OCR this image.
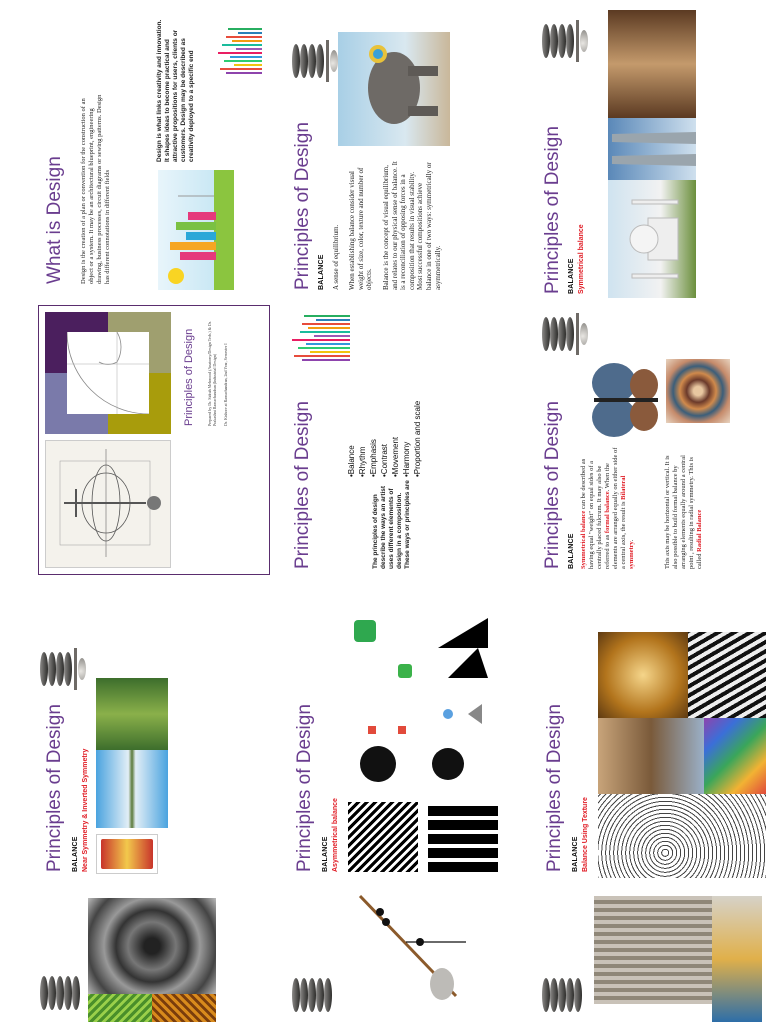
Principles of Design	Prepared by Dr. Sidrah Mehmood (Anatomy/Design Tech.) & Dr. Prakashni Ramachandran (Industrial Design) Dr. Kishore at Ramachandran, 2nd Year, Semester I
What is Design Design is the creation of a plan or convention for the construction of an object or a system. It may be an architectural blueprint, engineering drawing, business processes, circuit diagrams or sewing patterns. Design has different connotations in different fields
Design is what links creativity and innovation. It shapes ideas to become practical and attractive propositions for users, clients or customers. Design may be described as creativity deployed to a specific end
Principles of Design BALANCE Near Symmetry & Inverted Symmetry
Principles of Design	The principles of design describe the ways an artist uses different elements of design in a composition. These ways or principles are
•Balance •Rhythm •Emphasis •Contrast •Movement •Harmony •Proportion and scale
Principles of Design BALANCE A sense of equilibrium. When establishing balance consider visual weight of size, color, texture and number of objects. Balance is the concept of visual equilibrium, and relates to our physical sense of balance. It is a reconciliation of opposing forces in a composition that results in visual stability. Most successful compositions achieve balance in one of two ways: symmetrically or asymmetrically.
Principles of Design BALANCE Asymmetrical balance
Principles of Design BALANCE Symmetrical balance can be described as having equal "weight" on equal sides of a centrally placed fulcrum. It may also be referred to as formal balance. When the elements are arranged equally on either side of a central axis, the result is Bilateral symmetry.	This axis may be horizontal or vertical. It is also possible to build formal balance by arranging elements equally around a central point , resulting in radial symmetry. This is called Radial Balance
Principles of Design BALANCE Symmetrical balance
Principles of Design BALANCE Balance Using Texture
